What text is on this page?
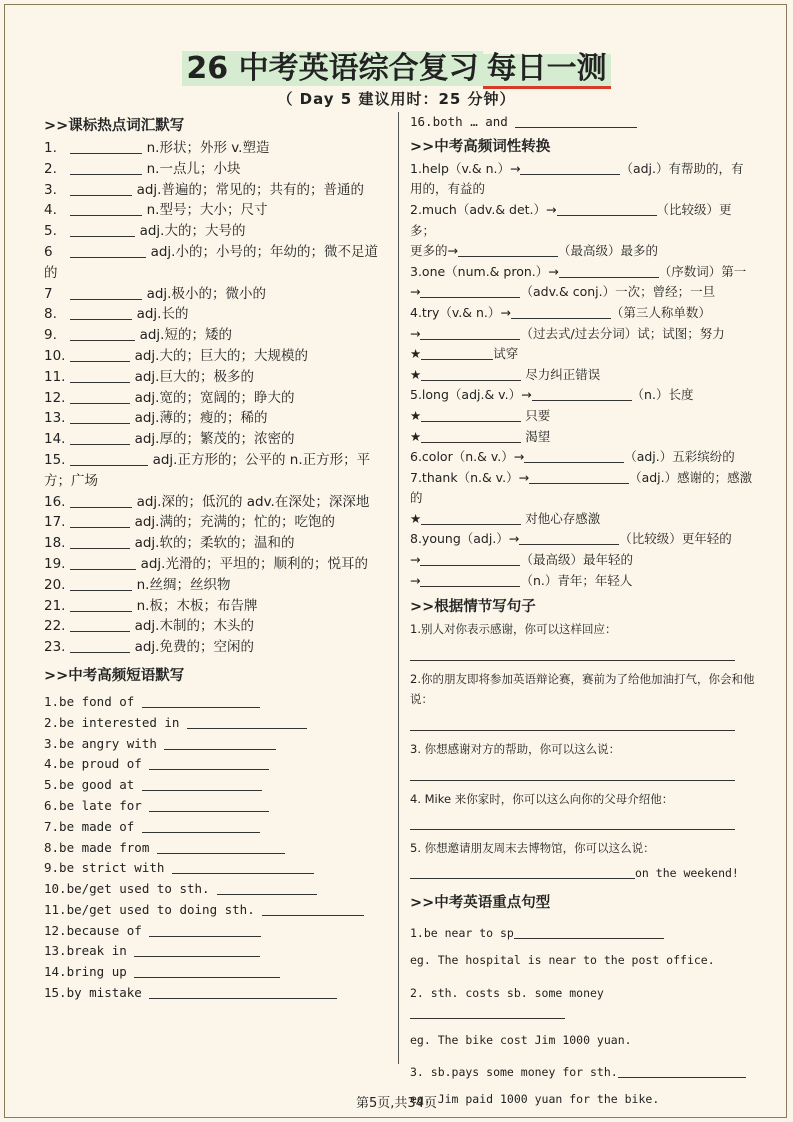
26 中考英语综合复习 每日一测
（ Day 5 建议用时：25 分钟）
>>课标热点词汇默写
1.	n.形状；外形 v.塑造
2.	n.一点儿；小块
3.	adj.普遍的；常见的；共有的；普通的
4.	n.型号；大小；尺寸
5.	adj.大的；大号的
6	adj.小的；小号的；年幼的；微不足道的
7	adj.极小的；微小的
8.	adj.长的
9.	adj.短的；矮的
10.	adj.大的；巨大的；大规模的
11.	adj.巨大的；极多的
12.	adj.宽的；宽阔的；睁大的
13.	adj.薄的；瘦的；稀的
14.	adj.厚的；繁茂的；浓密的
15.	adj.正方形的；公平的 n.正方形；平方；广场
16.	adj.深的；低沉的 adv.在深处；深深地
17.	adj.满的；充满的；忙的；吃饱的
18.	adj.软的；柔软的；温和的
19.	adj.光滑的；平坦的；顺利的；悦耳的
20.	n.丝绸；丝织物
21.	n.板；木板；布告牌
22.	adj.木制的；木头的
23.	adj.免费的；空闲的
>>中考高频短语默写
1.be fond of
2.be interested in
3.be angry with
4.be proud of
5.be good at
6.be late for
7.be made of
8.be made from
9.be strict with
10.be/get used to sth.
11.be/get used to doing sth.
12.because of
13.break in
14.bring up
15.by mistake
16.both … and
>>中考高频词性转换
1.help（v.& n.）→	（adj.）有帮助的，有用的，有益的
2.much（adv.& det.）→	（比较级）更多；
更多的→	（最高级）最多的
3.one（num.& pron.）→	（序数词）第一
→	（adv.& conj.）一次；曾经；一旦
4.try（v.& n.）→	（第三人称单数）
→	（过去式/过去分词）试；试图；努力
★	试穿
★	尽力纠正错误
5.long（adj.& v.）→	（n.）长度
★	只要
★	渴望
6.color（n.& v.）→	（adj.）五彩缤纷的
7.thank（n.& v.）→	（adj.）感谢的；感激的
★	对他心存感激
8.young（adj.）→	（比较级）更年轻的
→	（最高级）最年轻的
→	（n.）青年；年轻人
>>根据情节写句子
1.别人对你表示感谢，你可以这样回应：
2.你的朋友即将参加英语辩论赛，赛前为了给他加油打气，你会和他说：
3. 你想感谢对方的帮助，你可以这么说：
4. Mike 来你家时，你可以这么向你的父母介绍他：
5. 你想邀请朋友周末去博物馆，你可以这么说：
on the weekend!
>>中考英语重点句型
1.be near to sp
eg. The hospital is near to the post office.
2. sth. costs sb. some money
eg. The bike cost Jim 1000 yuan.
3. sb.pays some money for sth.
eg. Jim paid 1000 yuan for the bike.
第5页,共34页
